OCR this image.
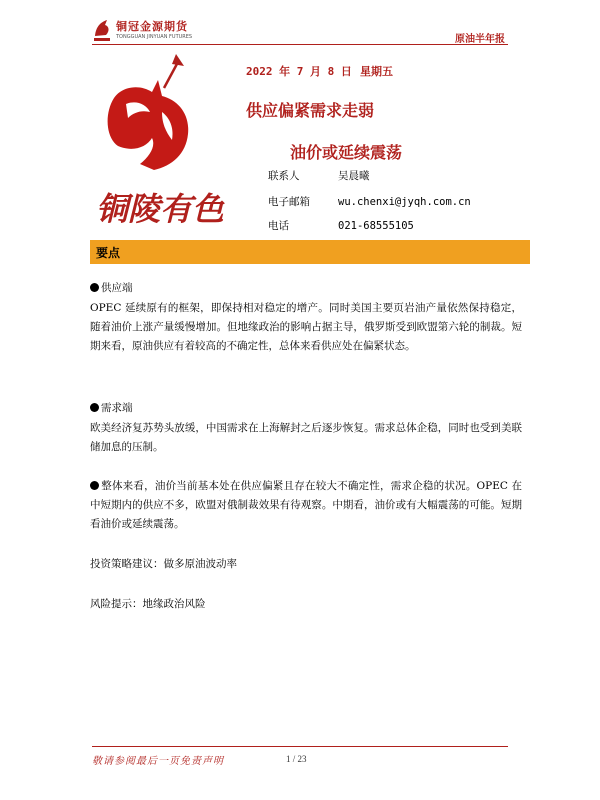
铜冠金源期货
TONGGUAN JINYUAN FUTURES	原油半年报
铜陵有色
2022 年 7 月 8 日 星期五
供应偏紧需求走弱
油价或延续震荡
联系人	吴晨曦
电子邮箱	wu.chenxi@jyqh.com.cn
电话	021-68555105
要点
供应端
OPEC 延续原有的框架，即保持相对稳定的增产。同时美国主要页岩油产量依然保持稳定，随着油价上涨产量缓慢增加。但地缘政治的影响占据主导，俄罗斯受到欧盟第六轮的制裁。短期来看，原油供应有着较高的不确定性，总体来看供应处在偏紧状态。
需求端
欧美经济复苏势头放缓，中国需求在上海解封之后逐步恢复。需求总体企稳，同时也受到美联储加息的压制。
整体来看，油价当前基本处在供应偏紧且存在较大不确定性，需求企稳的状况。OPEC 在中短期内的供应不多，欧盟对俄制裁效果有待观察。中期看，油价或有大幅震荡的可能。短期看油价或延续震荡。
投资策略建议：做多原油波动率
风险提示：地缘政治风险
敬请参阅最后一页免责声明	1 / 23
